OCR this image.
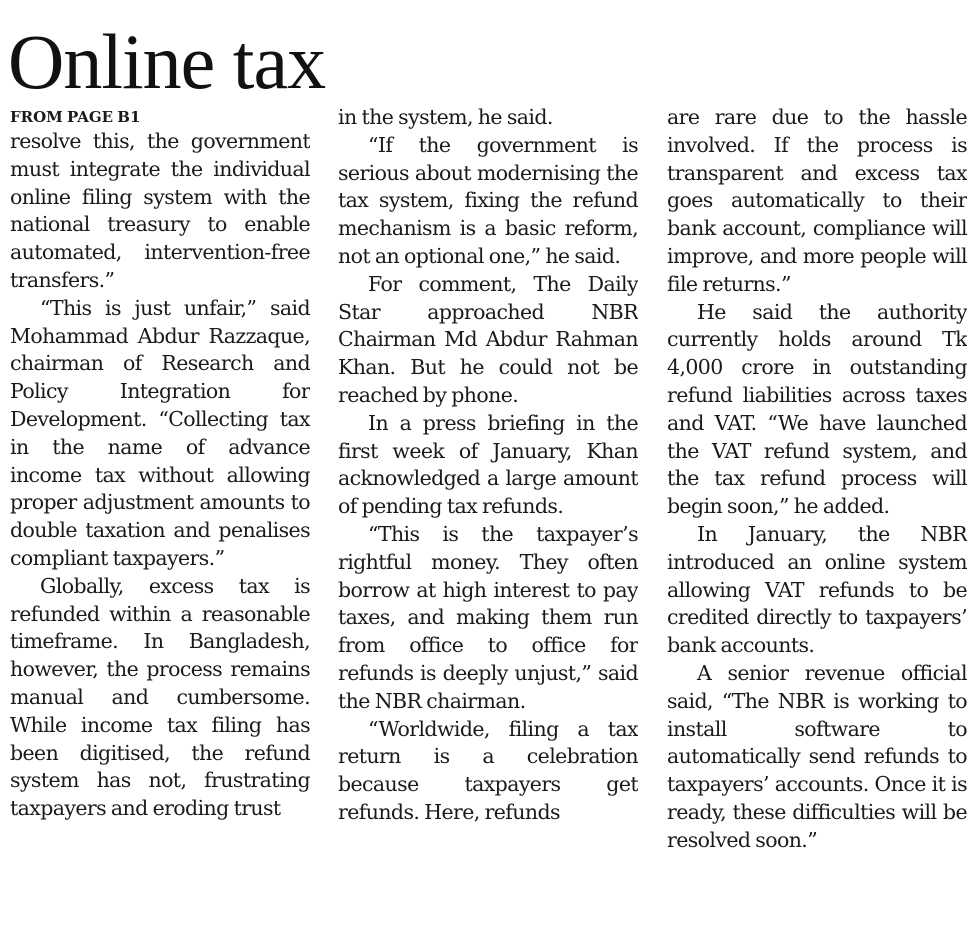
Online tax
FROM PAGE B1

resolve this, the government must integrate the individual online filing system with the national treasury to enable automated, intervention-free transfers.”

“This is just unfair,” said Mohammad Abdur Razzaque, chairman of Research and Policy Integration for Development. “Collecting tax in the name of advance income tax without allowing proper adjustment amounts to double taxation and penalises compliant taxpayers.”

Globally, excess tax is refunded within a reasonable timeframe. In Bangladesh, however, the process remains manual and cumbersome. While income tax filing has been digitised, the refund system has not, frustrating taxpayers and eroding trust

in the system, he said.

“If the government is serious about modernising the tax system, fixing the refund mechanism is a basic reform, not an optional one,” he said.

For comment, The Daily Star approached NBR Chairman Md Abdur Rahman Khan. But he could not be reached by phone.

In a press briefing in the first week of January, Khan acknowledged a large amount of pending tax refunds.

“This is the taxpayer’s rightful money. They often borrow at high interest to pay taxes, and making them run from office to office for refunds is deeply unjust,” said the NBR chairman.

“Worldwide, filing a tax return is a celebration because taxpayers get refunds. Here, refunds

are rare due to the hassle involved. If the process is transparent and excess tax goes automatically to their bank account, compliance will improve, and more people will file returns.”

He said the authority currently holds around Tk 4,000 crore in outstanding refund liabilities across taxes and VAT. “We have launched the VAT refund system, and the tax refund process will begin soon,” he added.

In January, the NBR introduced an online system allowing VAT refunds to be credited directly to taxpayers’ bank accounts.

A senior revenue official said, “The NBR is working to install software to automatically send refunds to taxpayers’ accounts. Once it is ready, these difficulties will be resolved soon.”
